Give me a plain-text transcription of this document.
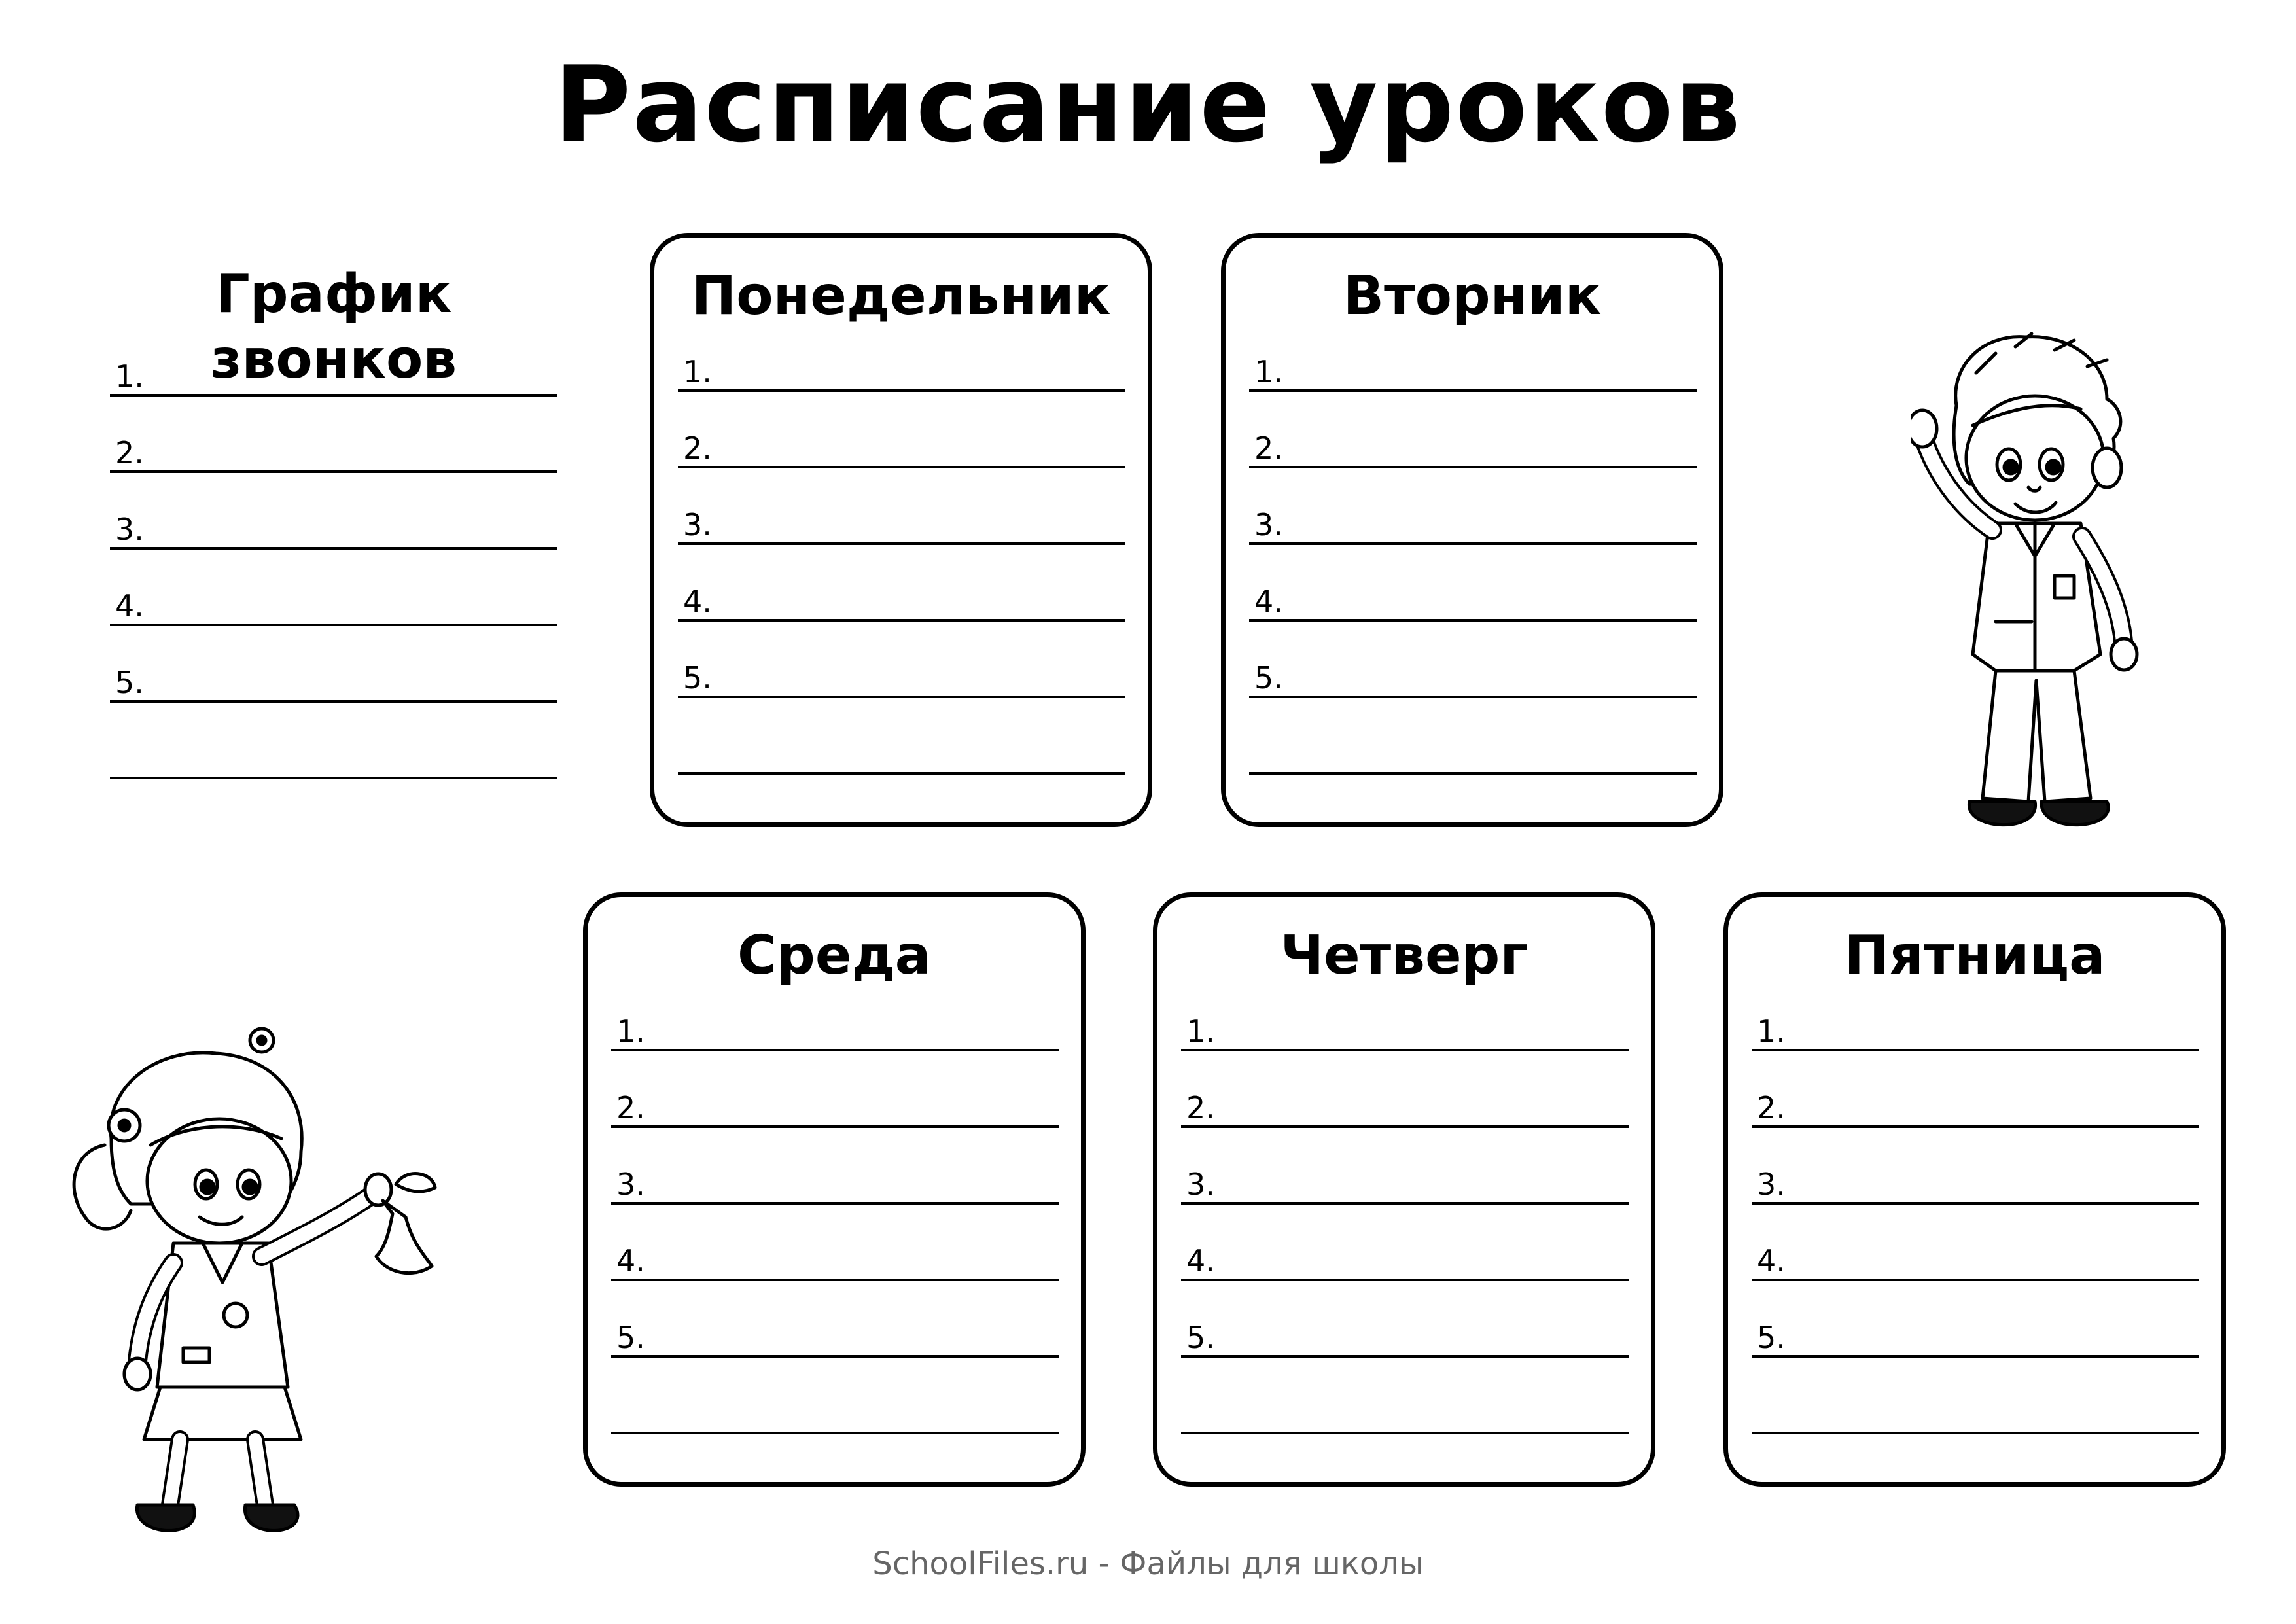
Расписание уроков
График звонков
1.
2.
3.
4.
5.
Понедельник
1.
2.
3.
4.
5.
Вторник
1.
2.
3.
4.
5.
Среда
1.
2.
3.
4.
5.
Четверг
1.
2.
3.
4.
5.
Пятница
1.
2.
3.
4.
5.
SchoolFiles.ru - Файлы для школы
